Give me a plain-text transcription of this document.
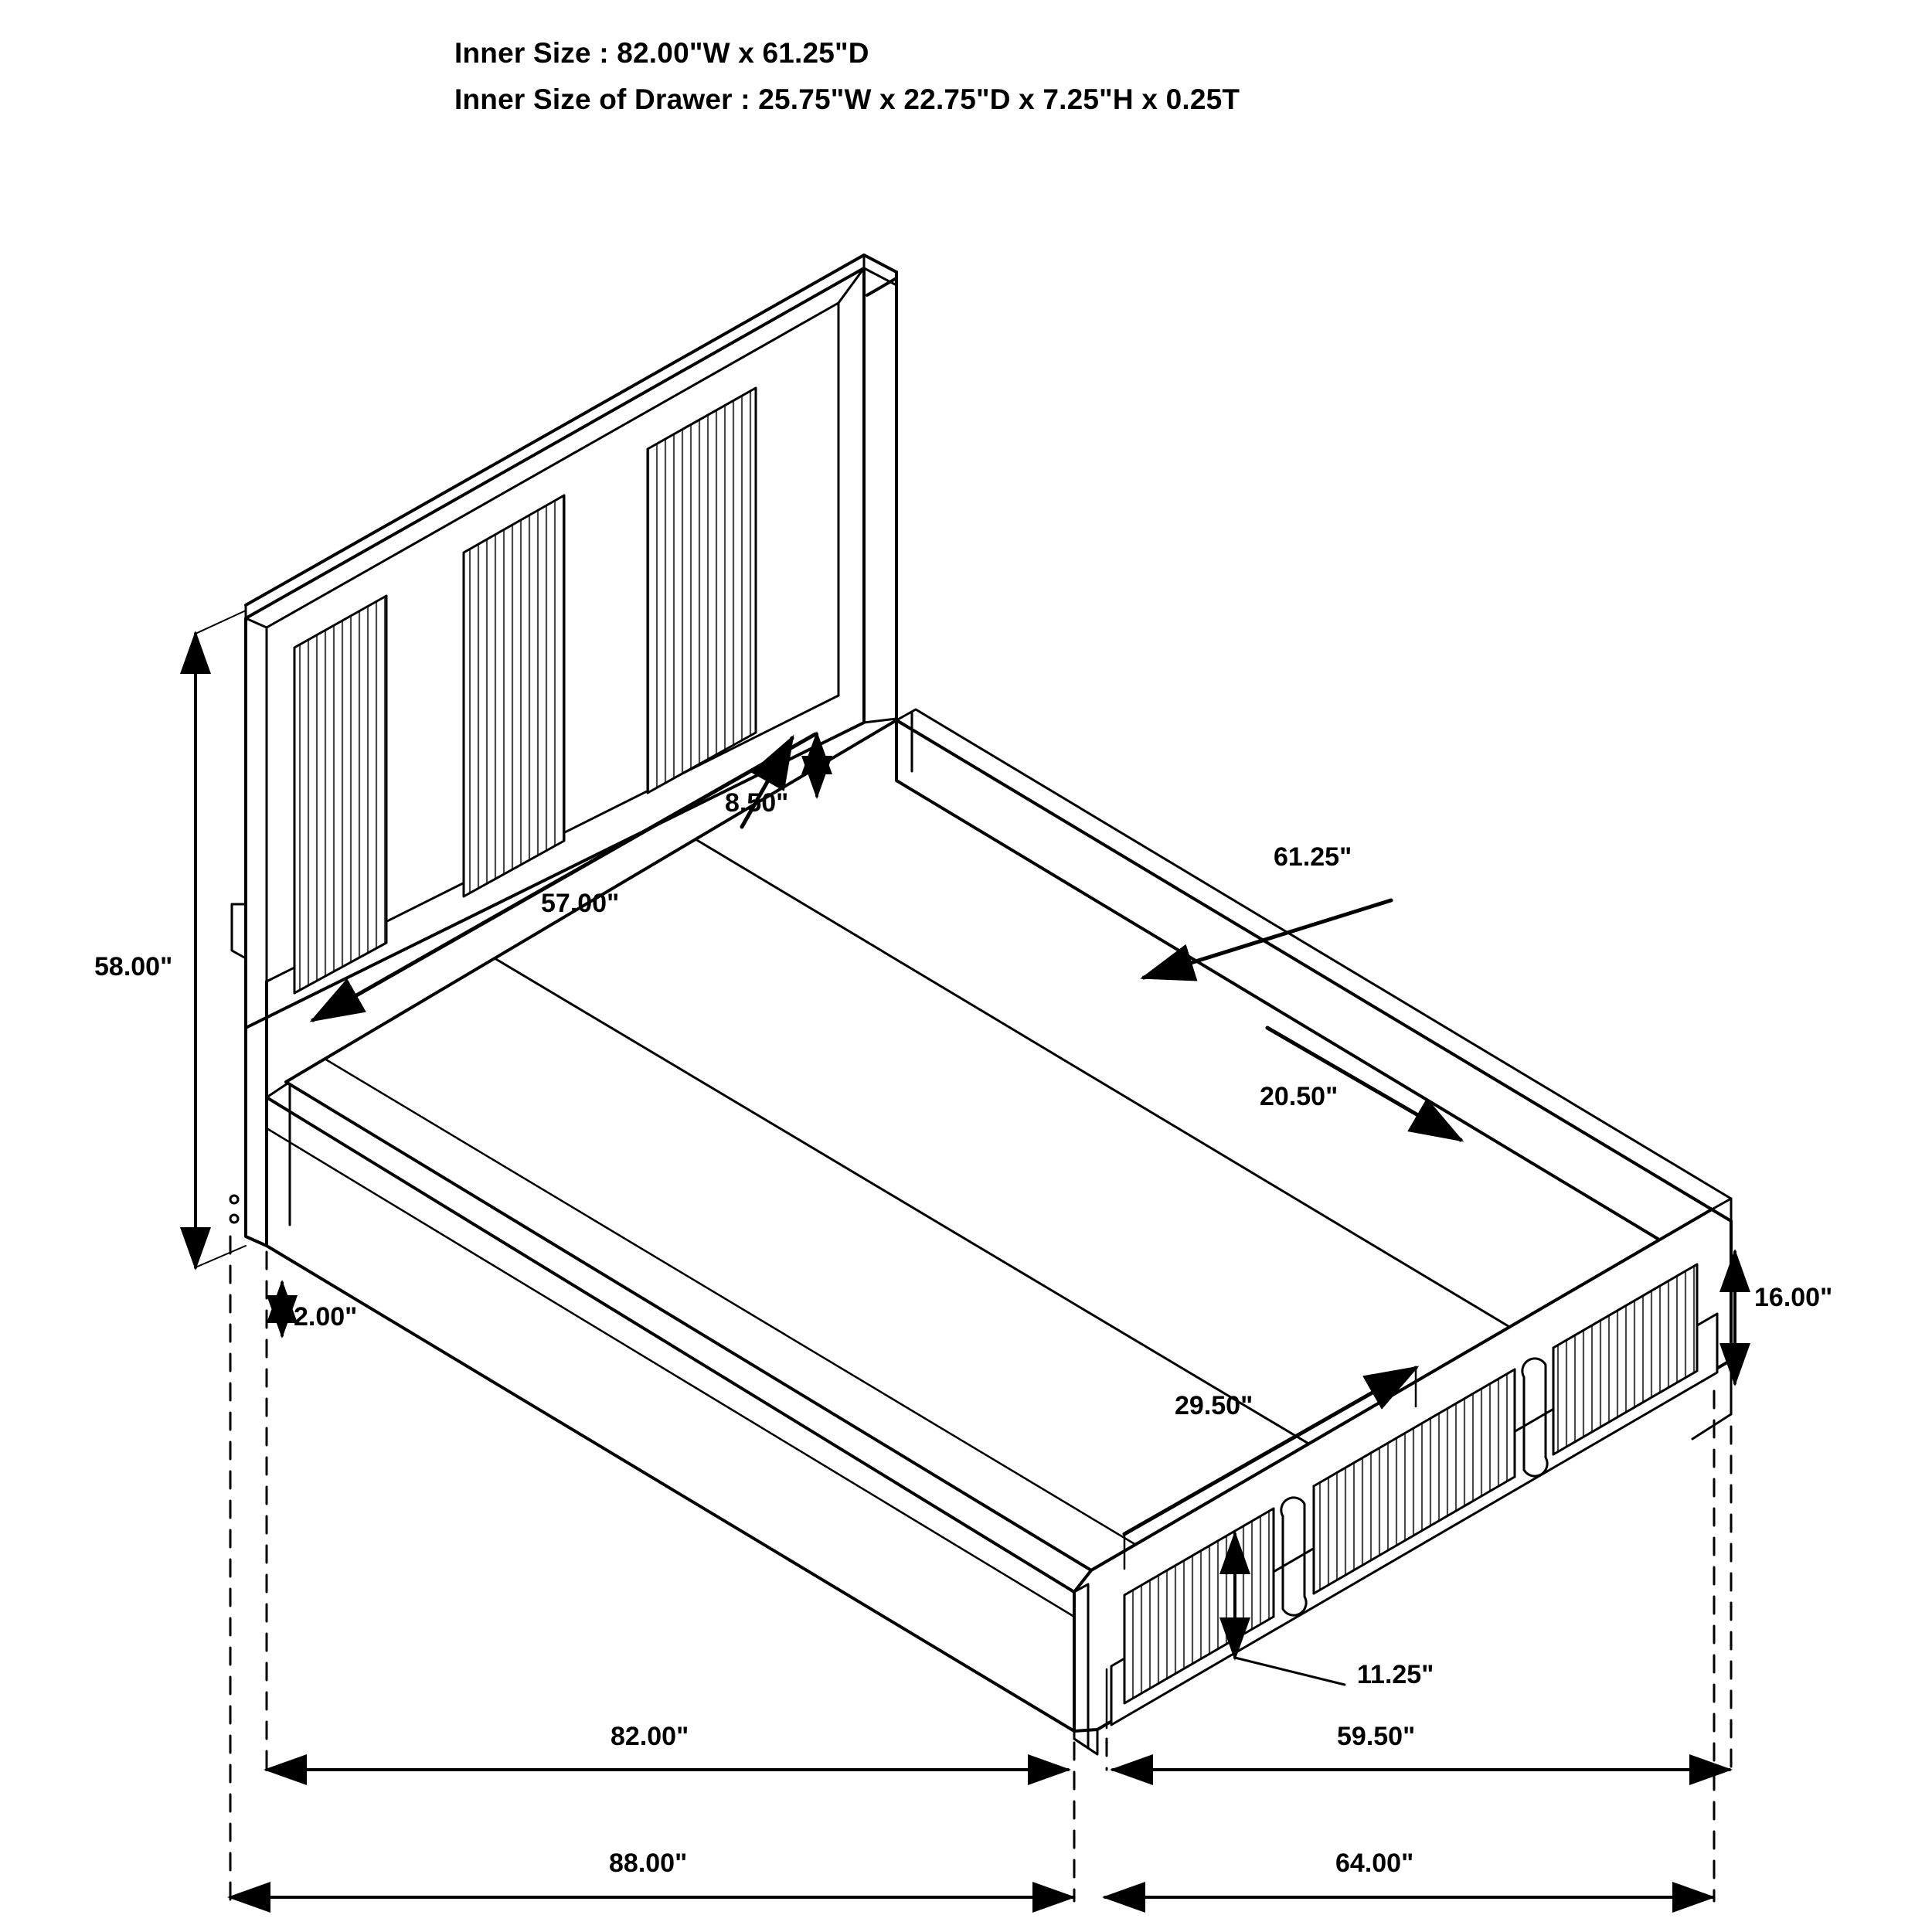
Inner Size : 82.00"W x 61.25"D
Inner Size of Drawer : 25.75"W x 22.75"D x 7.25"H x 0.25T
58.00"
8.50"
57.00"
61.25"
20.50"
2.00"
29.50"
16.00"
11.25"
82.00"	59.50"
88.00"	64.00"
